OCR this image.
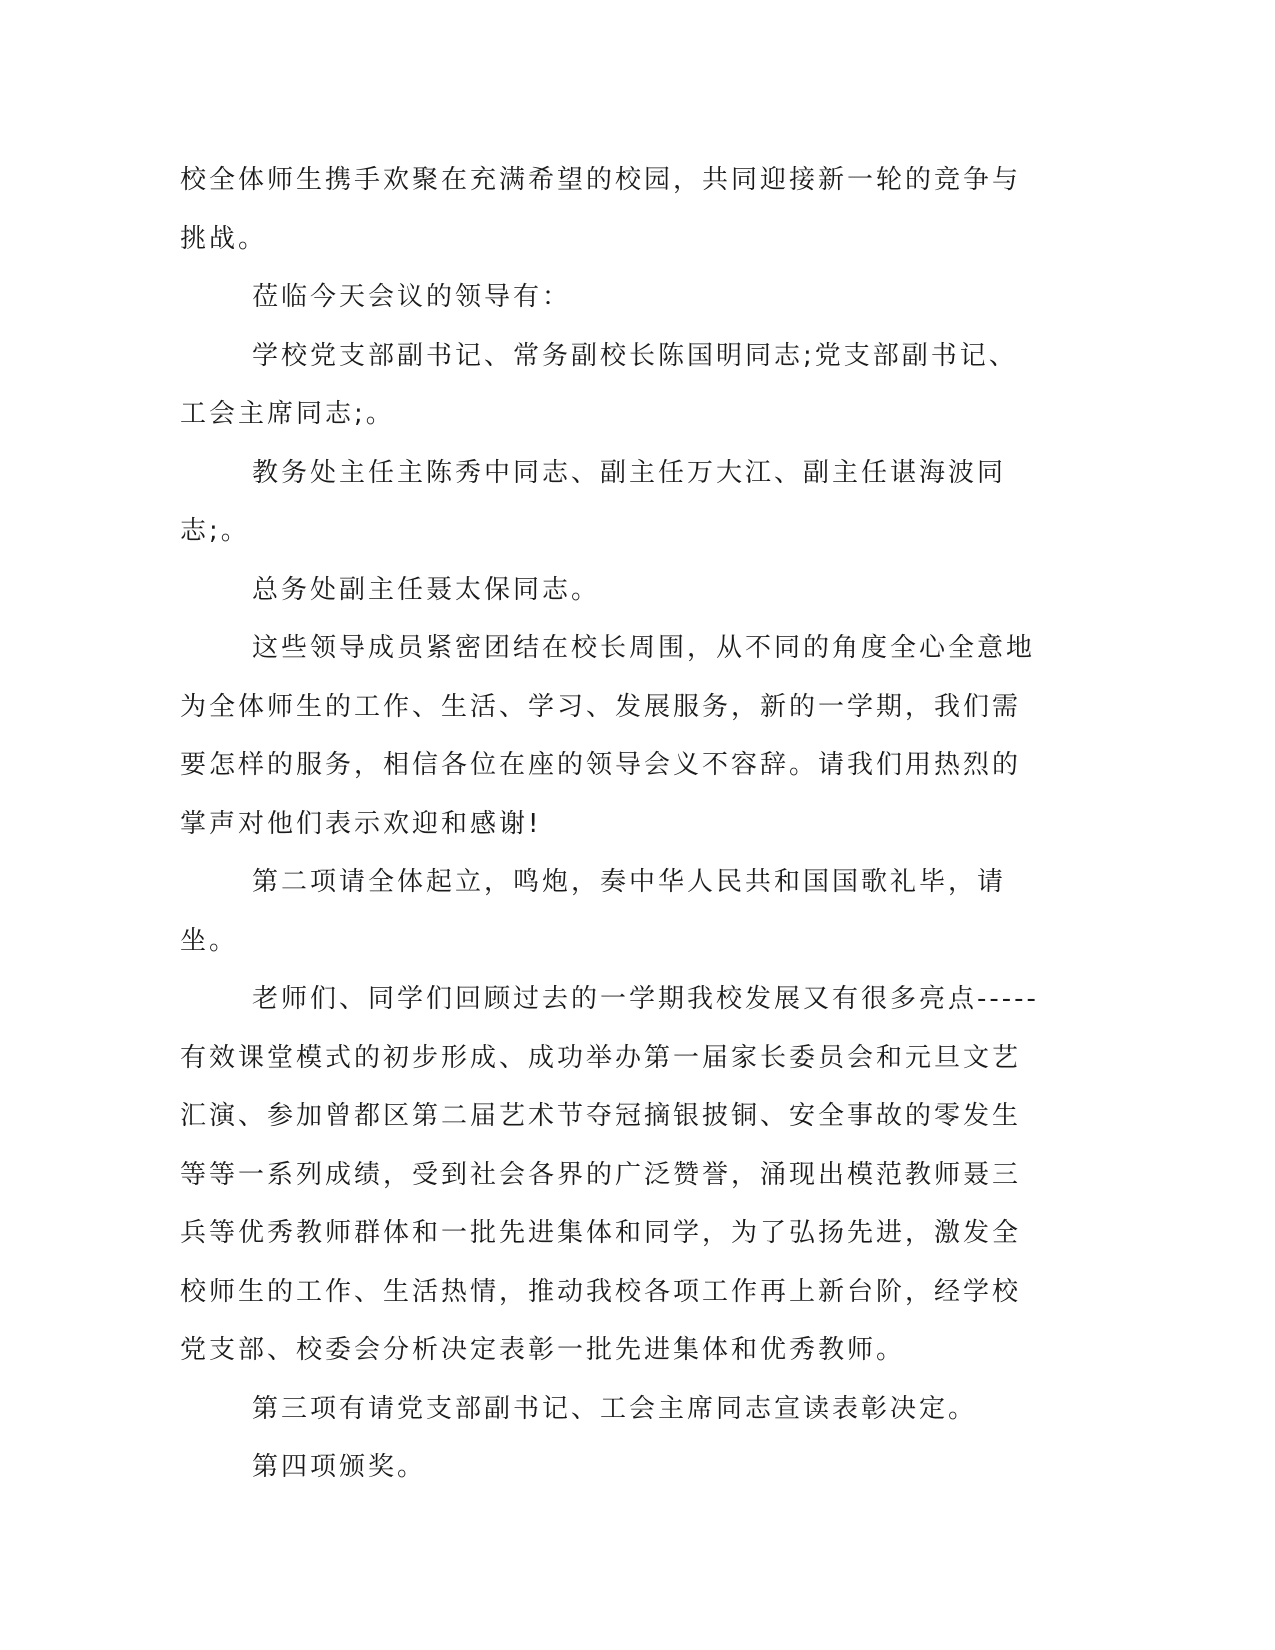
校全体师生携手欢聚在充满希望的校园，共同迎接新一轮的竞争与挑战。

莅临今天会议的领导有：

学校党支部副书记、常务副校长陈国明同志;党支部副书记、工会主席同志;。

教务处主任主陈秀中同志、副主任万大江、副主任谌海波同志;。

总务处副主任聂太保同志。

这些领导成员紧密团结在校长周围，从不同的角度全心全意地为全体师生的工作、生活、学习、发展服务，新的一学期，我们需要怎样的服务，相信各位在座的领导会义不容辞。请我们用热烈的掌声对他们表示欢迎和感谢!

第二项请全体起立，鸣炮，奏中华人民共和国国歌礼毕，请坐。

老师们、同学们回顾过去的一学期我校发展又有很多亮点-----有效课堂模式的初步形成、成功举办第一届家长委员会和元旦文艺汇演、参加曾都区第二届艺术节夺冠摘银披铜、安全事故的零发生等等一系列成绩，受到社会各界的广泛赞誉，涌现出模范教师聂三兵等优秀教师群体和一批先进集体和同学，为了弘扬先进，激发全校师生的工作、生活热情，推动我校各项工作再上新台阶，经学校党支部、校委会分析决定表彰一批先进集体和优秀教师。

第三项有请党支部副书记、工会主席同志宣读表彰决定。

第四项颁奖。
